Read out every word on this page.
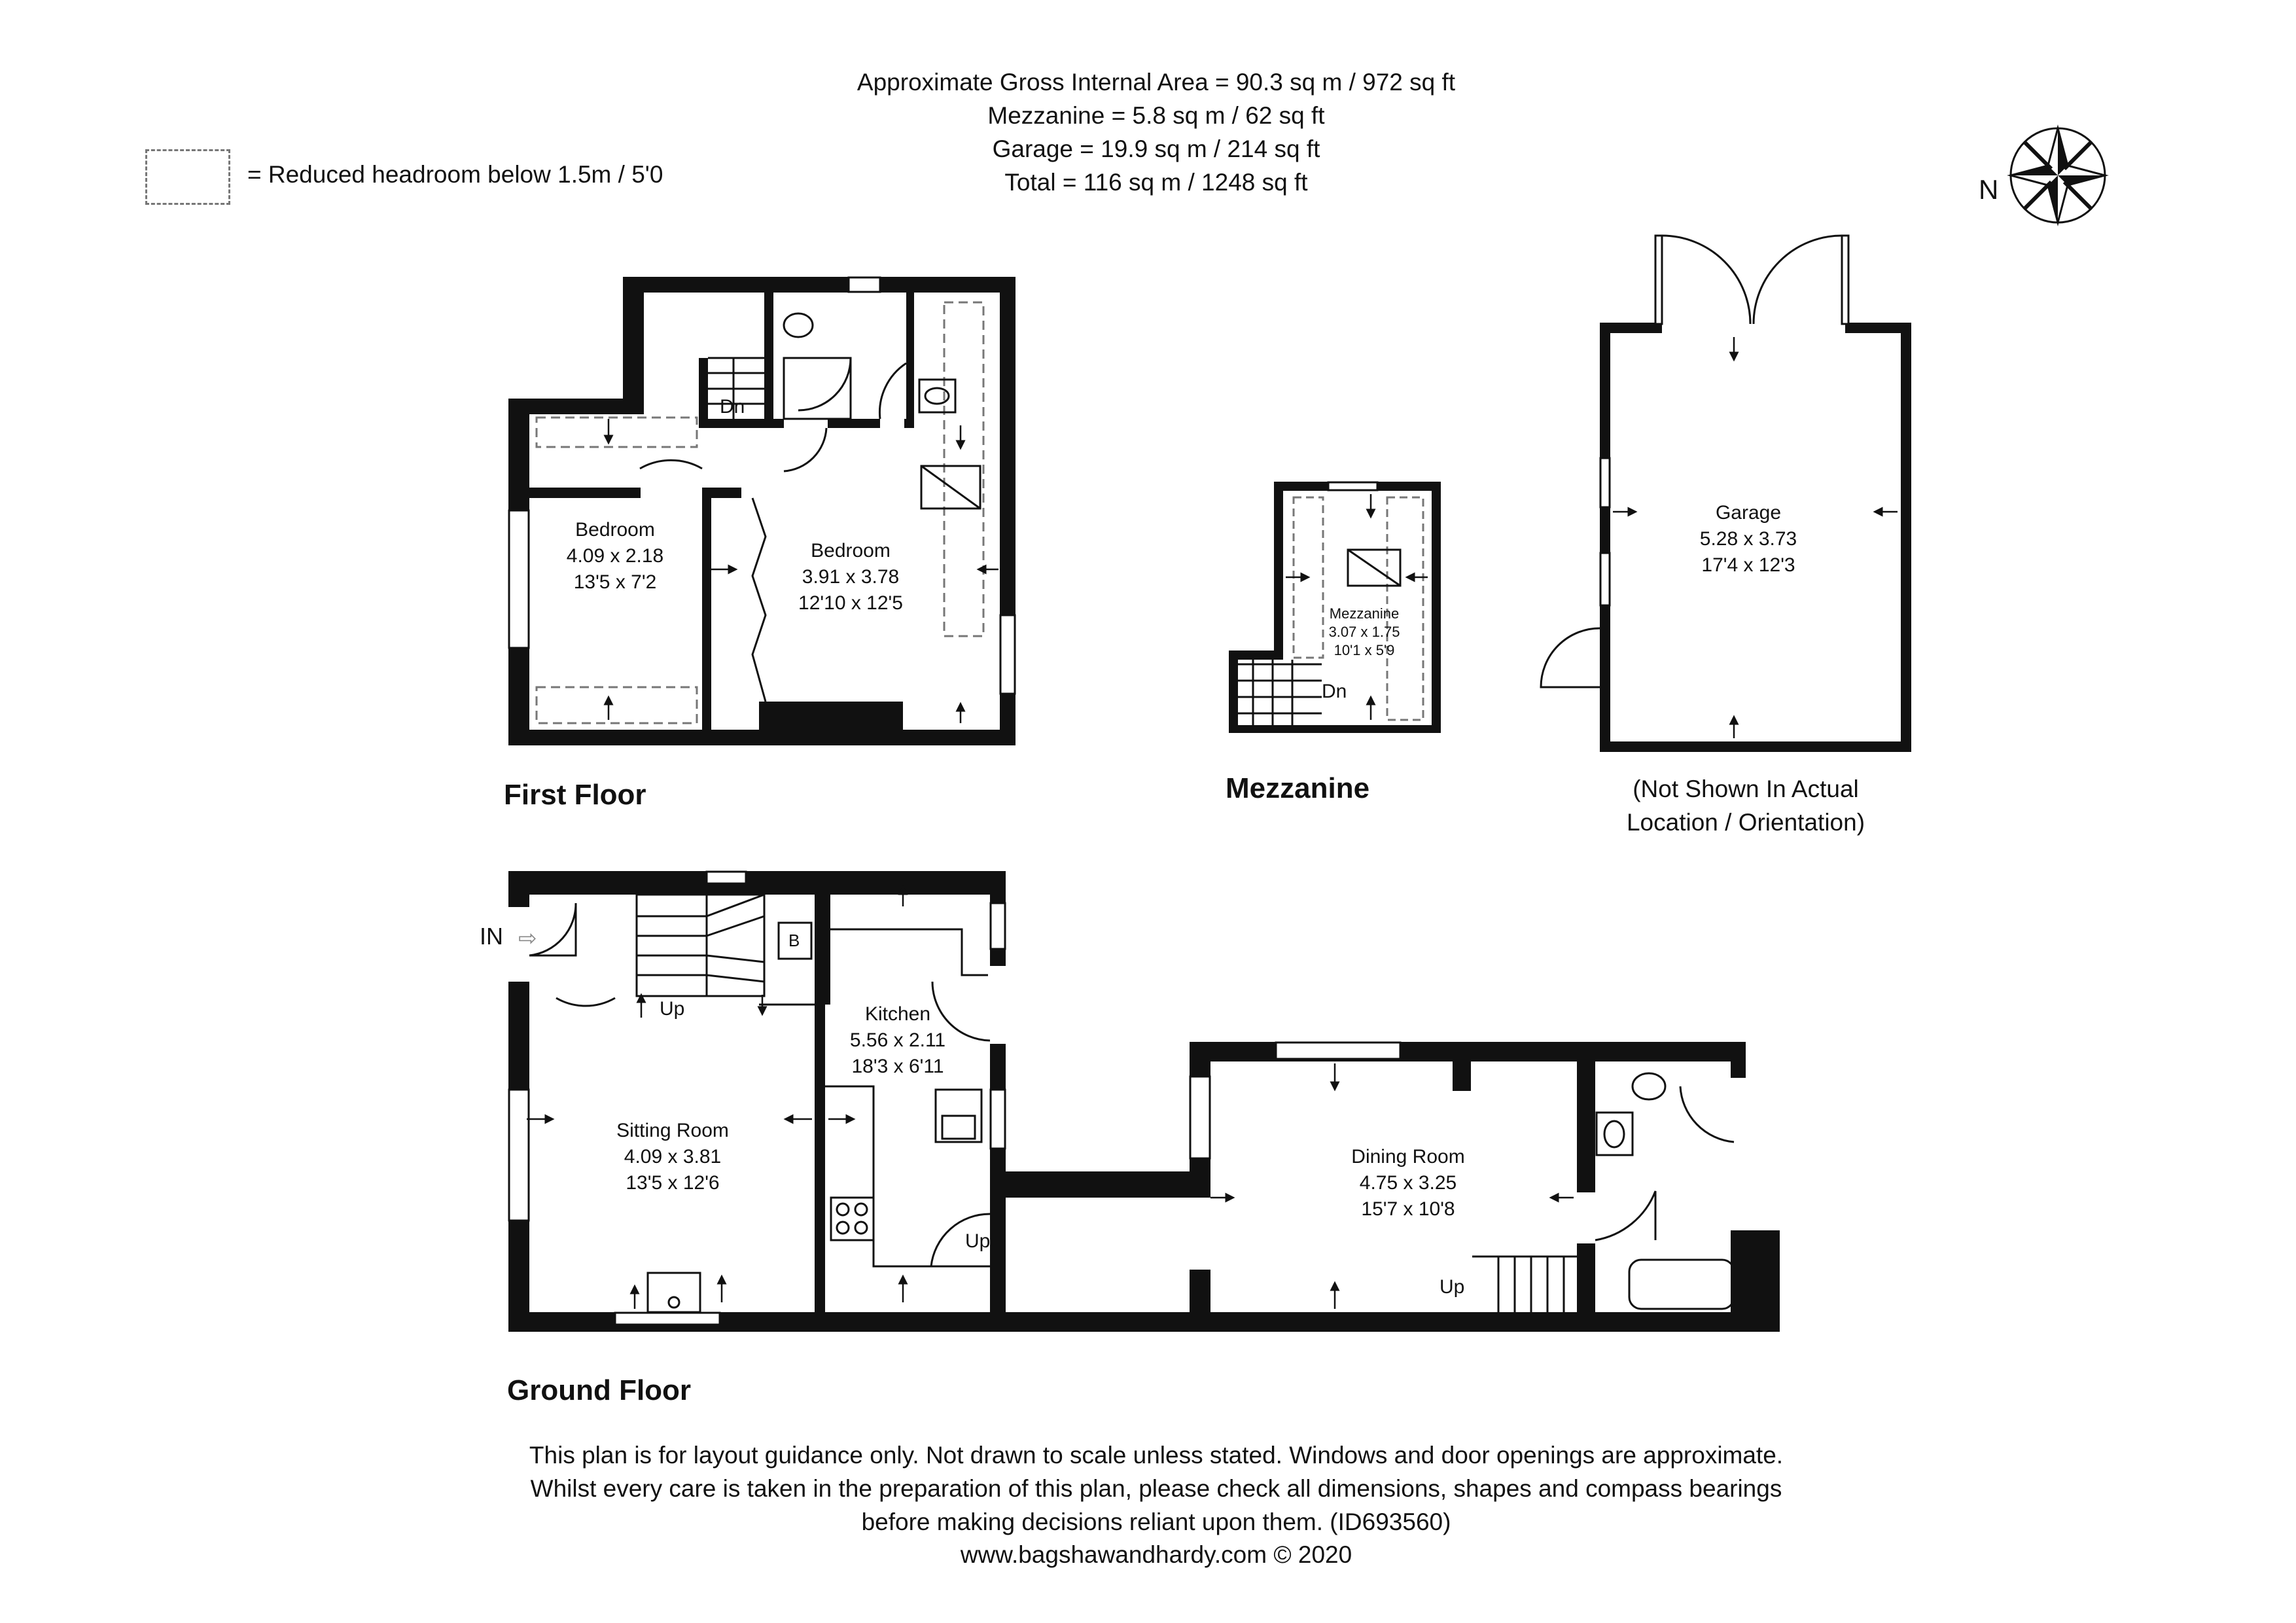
Approximate Gross Internal Area = 90.3 sq m / 972 sq ft
Mezzanine = 5.8 sq m / 62 sq ft
Garage = 19.9 sq m / 214 sq ft
Total = 116 sq m / 1248 sq ft
= Reduced headroom below 1.5m / 5'0	N
Bedroom
4.09 x 2.18
13'5 x 7'2
Bedroom
3.91 x 3.78
12'10 x 12'5
Dn
First Floor
Mezzanine
3.07 x 1.75
10'1 x 5'9
Dn
Mezzanine
Garage
5.28 x 3.73
17'4 x 12'3
(Not Shown In Actual
Location / Orientation)
IN ⇨
Up
B
Kitchen
5.56 x 2.11
18'3 x 6'11
Sitting Room
4.09 x 3.81
13'5 x 12'6
Up
Dining Room
4.75 x 3.25
15'7 x 10'8
Up
Ground Floor
This plan is for layout guidance only. Not drawn to scale unless stated. Windows and door openings are approximate.
Whilst every care is taken in the preparation of this plan, please check all dimensions, shapes and compass bearings
before making decisions reliant upon them. (ID693560)
www.bagshawandhardy.com © 2020
